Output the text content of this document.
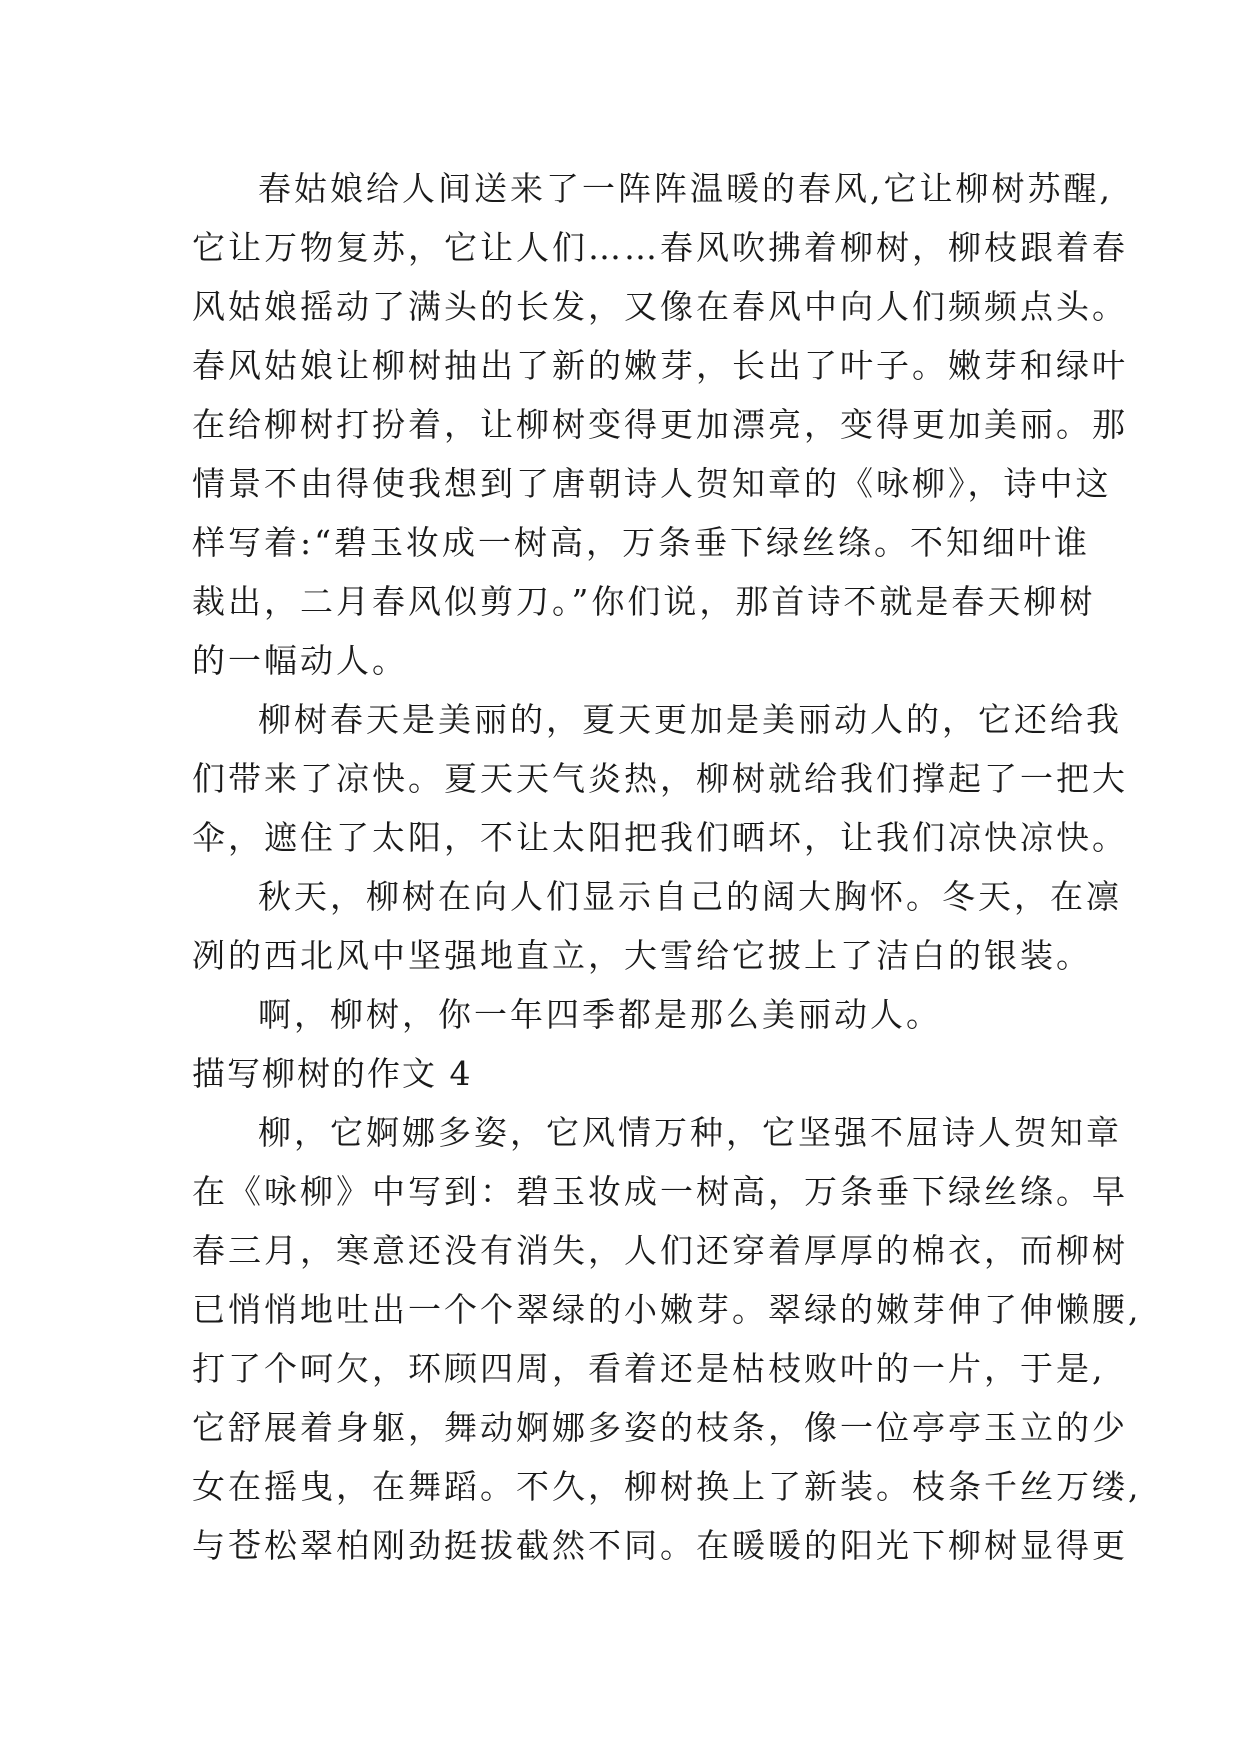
春姑娘给人间送来了一阵阵温暖的春风,它让柳树苏醒,
它让万物复苏，它让人们……春风吹拂着柳树，柳枝跟着春
风姑娘摇动了满头的长发，又像在春风中向人们频频点头。
春风姑娘让柳树抽出了新的嫩芽，长出了叶子。嫩芽和绿叶
在给柳树打扮着，让柳树变得更加漂亮，变得更加美丽。那
情景不由得使我想到了唐朝诗人贺知章的《咏柳》，诗中这
样写着:“碧玉妆成一树高，万条垂下绿丝绦。不知细叶谁
裁出，二月春风似剪刀。”你们说，那首诗不就是春天柳树
的一幅动人。
柳树春天是美丽的，夏天更加是美丽动人的，它还给我
们带来了凉快。夏天天气炎热，柳树就给我们撑起了一把大
伞，遮住了太阳，不让太阳把我们晒坏，让我们凉快凉快。
秋天，柳树在向人们显示自己的阔大胸怀。冬天，在凛
冽的西北风中坚强地直立，大雪给它披上了洁白的银装。
啊，柳树，你一年四季都是那么美丽动人。
描写柳树的作文 4
柳，它婀娜多姿，它风情万种，它坚强不屈诗人贺知章
在《咏柳》中写到：碧玉妆成一树高，万条垂下绿丝绦。早
春三月，寒意还没有消失，人们还穿着厚厚的棉衣，而柳树
已悄悄地吐出一个个翠绿的小嫩芽。翠绿的嫩芽伸了伸懒腰,
打了个呵欠，环顾四周，看着还是枯枝败叶的一片，于是,
它舒展着身躯，舞动婀娜多姿的枝条，像一位亭亭玉立的少
女在摇曳，在舞蹈。不久，柳树换上了新装。枝条千丝万缕,
与苍松翠柏刚劲挺拔截然不同。在暖暖的阳光下柳树显得更
